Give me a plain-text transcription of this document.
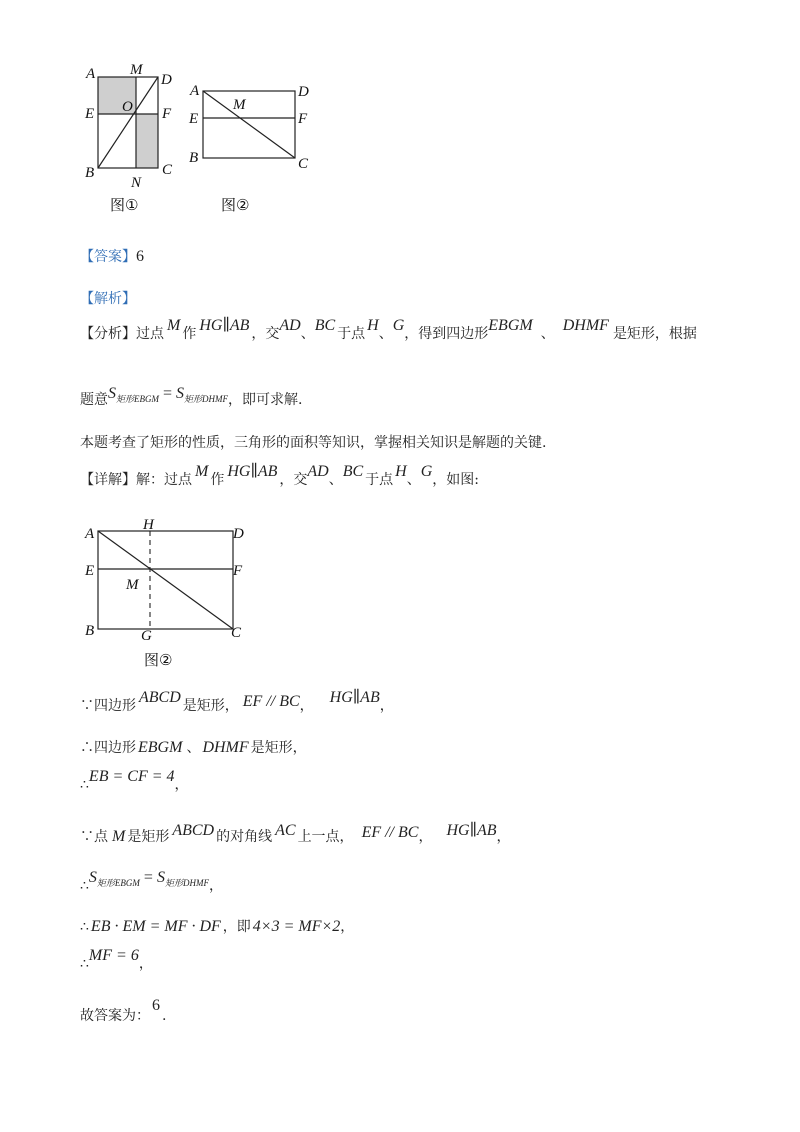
A M
D
E O F
B
N
C
图①
A
M
D
E	F
B	C
图②
【答案】6
【解析】
【分析】过点 M 作 HG∥AB ，交AD、BC 于点 H、G，得到四边形EBGM 、 DHMF 是矩形，根据
题意$S_{矩形EBGM} = S_{矩形DHMF}$，即可求解.
本题考查了矩形的性质，三角形的面积等知识，掌握相关知识是解题的关键.
【详解】解：过点 M 作 HG∥AB ，交AD、BC 于点 H、G，如图:
A
H
D
E
M
F
B	G	C
图②
∵四边形 ABCD 是矩形， EF // BC， HG∥AB，
∴四边形 EBGM 、 DHMF 是矩形，
∴EB = CF = 4，
∵点 M 是矩形 ABCD 的对角线 AC 上一点， EF // BC， HG∥AB，
$\therefore S_{矩形EBGM} = S_{矩形DHMF}$，
∴ EB · EM = MF · DF ，即 4×3 = MF×2，
∴MF = 6，
故答案为：6.
